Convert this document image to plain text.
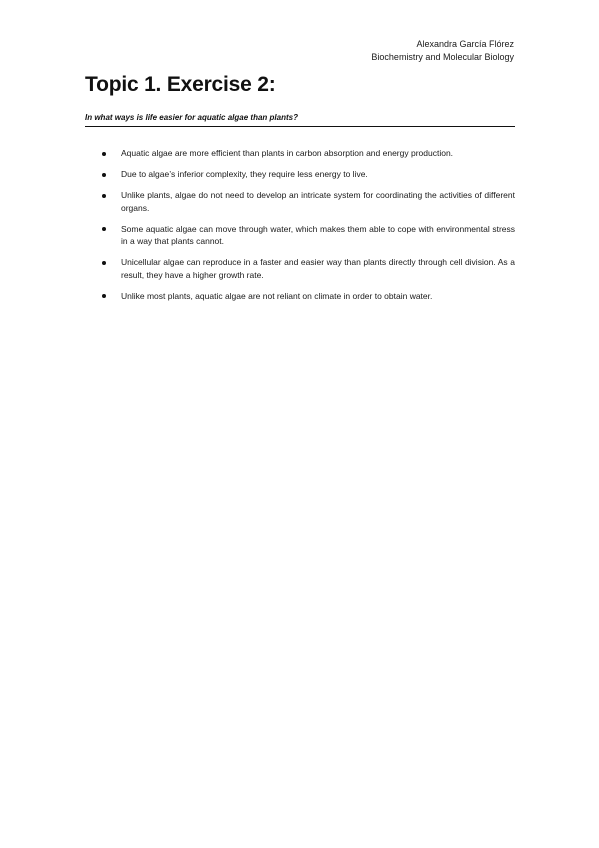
Alexandra García Flórez
Biochemistry and Molecular Biology
Topic 1. Exercise 2:
In what ways is life easier for aquatic algae than plants?
Aquatic algae are more efficient than plants in carbon absorption and energy production.
Due to algae’s inferior complexity, they require less energy to live.
Unlike plants, algae do not need to develop an intricate system for coordinating the activities of different organs.
Some aquatic algae can move through water, which makes them able to cope with environmental stress in a way that plants cannot.
Unicellular algae can reproduce in a faster and easier way than plants directly through cell division. As a result, they have a higher growth rate.
Unlike most plants, aquatic algae are not reliant on climate in order to obtain water.
